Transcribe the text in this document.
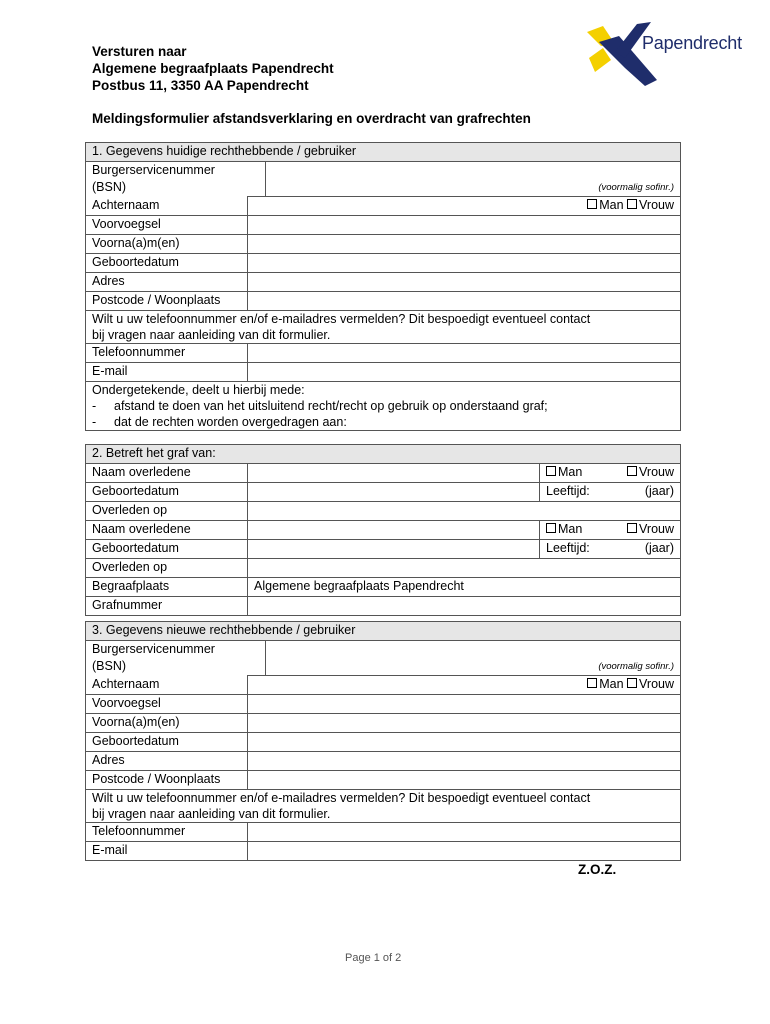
Versturen naar
Algemene begraafplaats Papendrecht
Postbus 11, 3350 AA Papendrecht
Papendrecht
Meldingsformulier afstandsverklaring en overdracht van grafrechten
1. Gegevens huidige rechthebbende / gebruiker		

Burgerservicenummer
(BSN)		(voormalig sofinr.)
Achternaam	Man Vrouw	
Voorvoegsel		
Voorna(a)m(en)		
Geboortedatum		
Adres		
Postcode / Woonplaats		

Wilt u uw telefoonnummer en/of e-mailadres vermelden? Dit bespoedigt eventueel contact
bij vragen naar aanleiding van dit formulier.		

Telefoonnummer		
E-mail		
Ondergetekende, deelt u hierbij mede:
- afstand te doen van het uitsluitend recht/recht op gebruik op onderstaand graf;
- dat de rechten worden overgedragen aan:
2. Betreft het graf van:		
Naam overledene		Man Vrouw

Geboortedatum		Leeftijd: (jaar)

Overleden op		
Naam overledene		Man Vrouw

Geboortedatum		Leeftijd: (jaar)

Overleden op		
Begraafplaats	Algemene begraafplaats Papendrecht	
Grafnummer		
3. Gegevens nieuwe rechthebbende / gebruiker		

Burgerservicenummer
(BSN)		(voormalig sofinr.)
Achternaam	Man Vrouw	
Voorvoegsel		
Voorna(a)m(en)		
Geboortedatum		
Adres		
Postcode / Woonplaats		

Wilt u uw telefoonnummer en/of e-mailadres vermelden? Dit bespoedigt eventueel contact
bij vragen naar aanleiding van dit formulier.		

Telefoonnummer		
E-mail		
Z.O.Z.
Page 1 of 2
